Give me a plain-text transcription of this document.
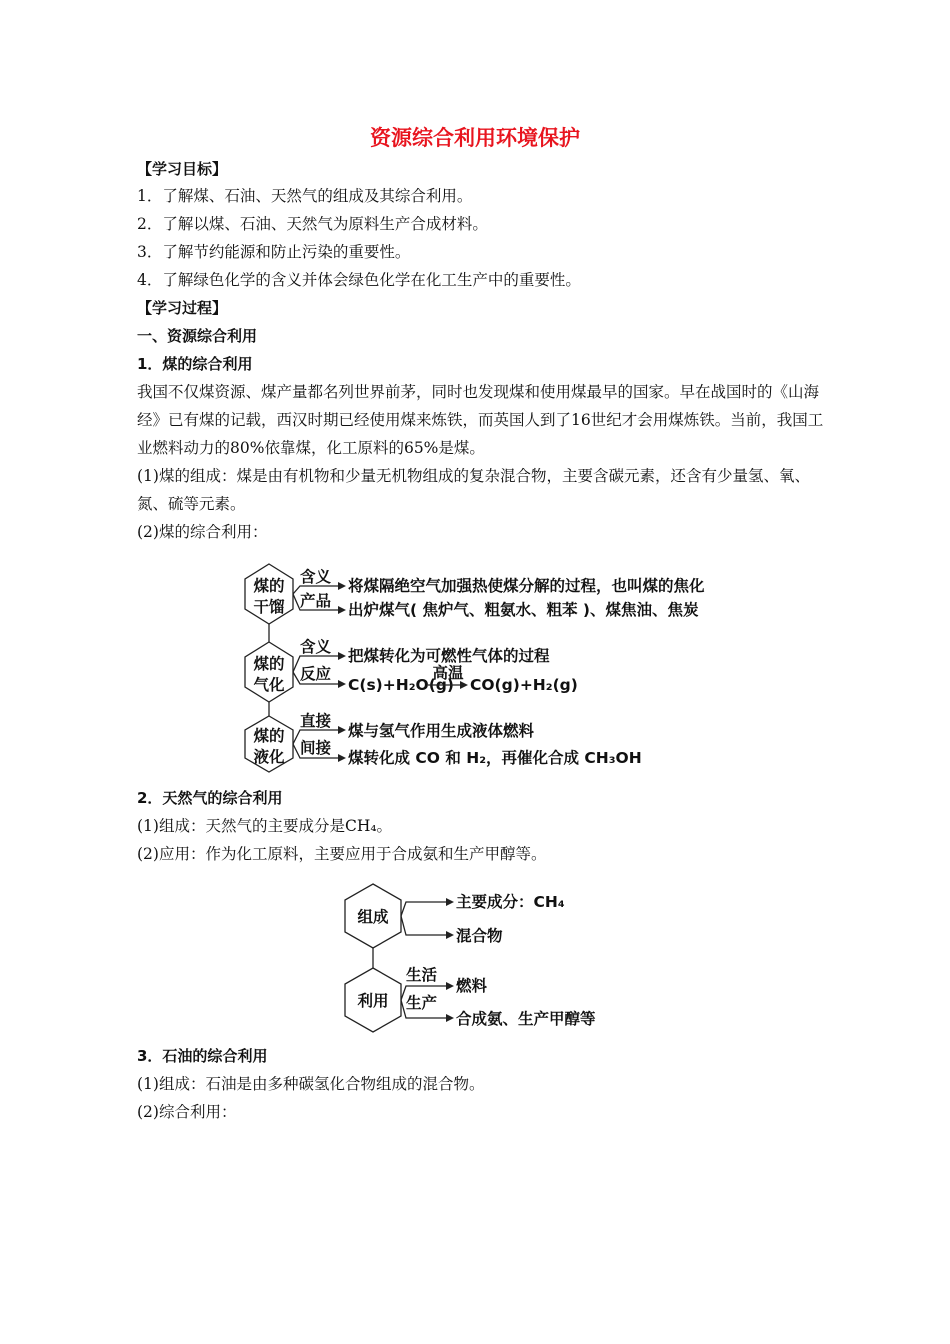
资源综合利用环境保护
【学习目标】
1．了解煤、石油、天然气的组成及其综合利用。
2．了解以煤、石油、天然气为原料生产合成材料。
3．了解节约能源和防止污染的重要性。
4．了解绿色化学的含义并体会绿色化学在化工生产中的重要性。
【学习过程】
一、资源综合利用
1．煤的综合利用
我国不仅煤资源、煤产量都名列世界前茅，同时也发现煤和使用煤最早的国家。早在战国时的《山海经》已有煤的记载，西汉时期已经使用煤来炼铁，而英国人到了16世纪才会用煤炼铁。当前，我国工业燃料动力的80%依靠煤，化工原料的65%是煤。
(1)煤的组成：煤是由有机物和少量无机物组成的复杂混合物，主要含碳元素，还含有少量氢、氧、氮、硫等元素。
(2)煤的综合利用：
煤的
干馏
煤的
气化
煤的
液化
含义
产品
含义
反应
直接
间接
将煤隔绝空气加强热使煤分解的过程，也叫煤的焦化
出炉煤气( 焦炉气、粗氨水、粗苯 )、煤焦油、焦炭
把煤转化为可燃性气体的过程
C(s)+H₂O(g)
高温
CO(g)+H₂(g)
煤与氢气作用生成液体燃料
煤转化成 CO 和 H₂，再催化合成 CH₃OH
2．天然气的综合利用
(1)组成：天然气的主要成分是CH₄。
(2)应用：作为化工原料，主要应用于合成氨和生产甲醇等。
组成
利用
主要成分：CH₄
混合物
生活
生产
燃料
合成氨、生产甲醇等
3．石油的综合利用
(1)组成：石油是由多种碳氢化合物组成的混合物。
(2)综合利用：
